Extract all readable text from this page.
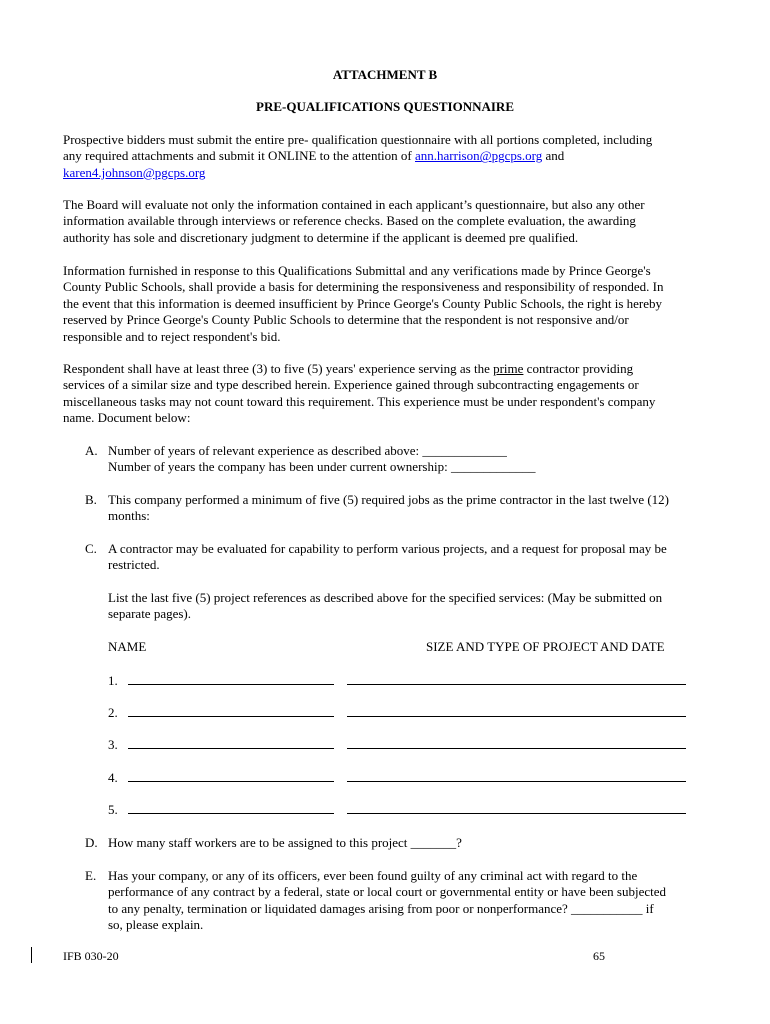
ATTACHMENT B
PRE-QUALIFICATIONS QUESTIONNAIRE
Prospective bidders must submit the entire pre- qualification questionnaire with all portions completed, including
any required attachments and submit it ONLINE to the attention of ann.harrison@pgcps.org and
karen4.johnson@pgcps.org
The Board will evaluate not only the information contained in each applicant’s questionnaire, but also any other
information available through interviews or reference checks. Based on the complete evaluation, the awarding
authority has sole and discretionary judgment to determine if the applicant is deemed pre qualified.
Information furnished in response to this Qualifications Submittal and any verifications made by Prince George's
County Public Schools, shall provide a basis for determining the responsiveness and responsibility of responded. In
the event that this information is deemed insufficient by Prince George's County Public Schools, the right is hereby
reserved by Prince George's County Public Schools to determine that the respondent is not responsive and/or
responsible and to reject respondent's bid.
Respondent shall have at least three (3) to five (5) years' experience serving as the prime contractor providing
services of a similar size and type described herein. Experience gained through subcontracting engagements or
miscellaneous tasks may not count toward this requirement. This experience must be under respondent's company
name. Document below:
A. Number of years of relevant experience as described above: _____________
Number of years the company has been under current ownership: _____________
B. This company performed a minimum of five (5) required jobs as the prime contractor in the last twelve (12)
months:
C. A contractor may be evaluated for capability to perform various projects, and a request for proposal may be
restricted.
List the last five (5) project references as described above for the specified services: (May be submitted on
separate pages).
NAME	SIZE AND TYPE OF PROJECT AND DATE
1.
2.
3.
4.
5.
D. How many staff workers are to be assigned to this project _______?
E. Has your company, or any of its officers, ever been found guilty of any criminal act with regard to the
performance of any contract by a federal, state or local court or governmental entity or have been subjected
to any penalty, termination or liquidated damages arising from poor or nonperformance? ___________ if
so, please explain.
IFB 030-20	65
